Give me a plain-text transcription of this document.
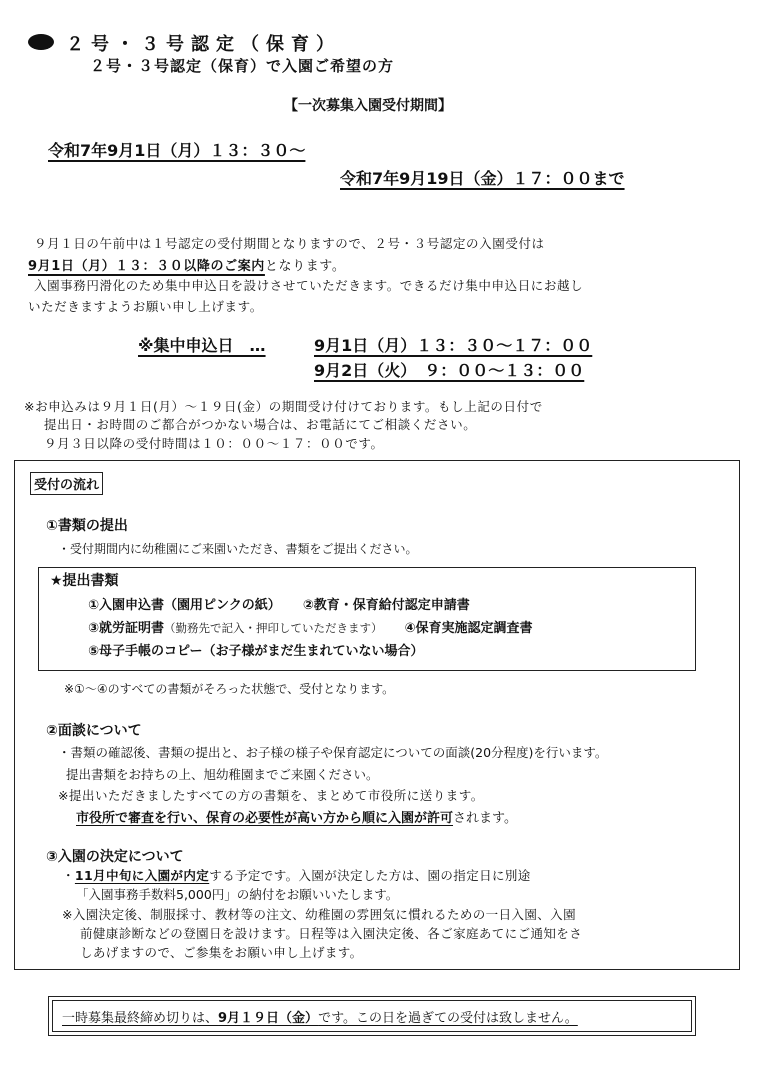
２号・３号認定（保育）
２号・３号認定（保育）で入園ご希望の方
【一次募集入園受付期間】
令和7年9月1日（月）１３：３０～
令和7年9月19日（金）１７：００まで
９月１日の午前中は１号認定の受付期間となりますので、２号・３号認定の入園受付は
9月1日（月）１３：３０以降のご案内となります。
入園事務円滑化のため集中申込日を設けさせていただきます。できるだけ集中申込日にお越し
いただきますようお願い申し上げます。
※集中申込日　…	9月1日（月）１３：３０～１７：００
9月2日（火）　９：００～１３：００
※お申込みは９月１日(月）～１９日(金）の期間受け付けております。もし上記の日付で
提出日・お時間のご都合がつかない場合は、お電話にてご相談ください。
９月３日以降の受付時間は１０：００～１７：００です。
受付の流れ
①書類の提出
・受付期間内に幼稚園にご来園いただき、書類をご提出ください。
★提出書類
①入園申込書（園用ピンクの紙） ②教育・保育給付認定申請書
③就労証明書（勤務先で記入・押印していただきます） ④保育実施認定調査書
⑤母子手帳のコピー（お子様がまだ生まれていない場合）
※①～④のすべての書類がそろった状態で、受付となります。
②面談について
・書類の確認後、書類の提出と、お子様の様子や保育認定についての面談(20分程度)を行います。
提出書類をお持ちの上、旭幼稚園までご来園ください。
※提出いただきましたすべての方の書類を、まとめて市役所に送ります。
市役所で審査を行い、保育の必要性が高い方から順に入園が許可されます。
③入園の決定について
・11月中旬に入園が内定する予定です。入園が決定した方は、園の指定日に別途
「入園事務手数料5,000円」の納付をお願いいたします。
※入園決定後、制服採寸、教材等の注文、幼稚園の雰囲気に慣れるための一日入園、入園
前健康診断などの登園日を設けます。日程等は入園決定後、各ご家庭あてにご通知をさ
しあげますので、ご参集をお願い申し上げます。
一時募集最終締め切りは、9月１９日（金）です。この日を過ぎての受付は致しません。
